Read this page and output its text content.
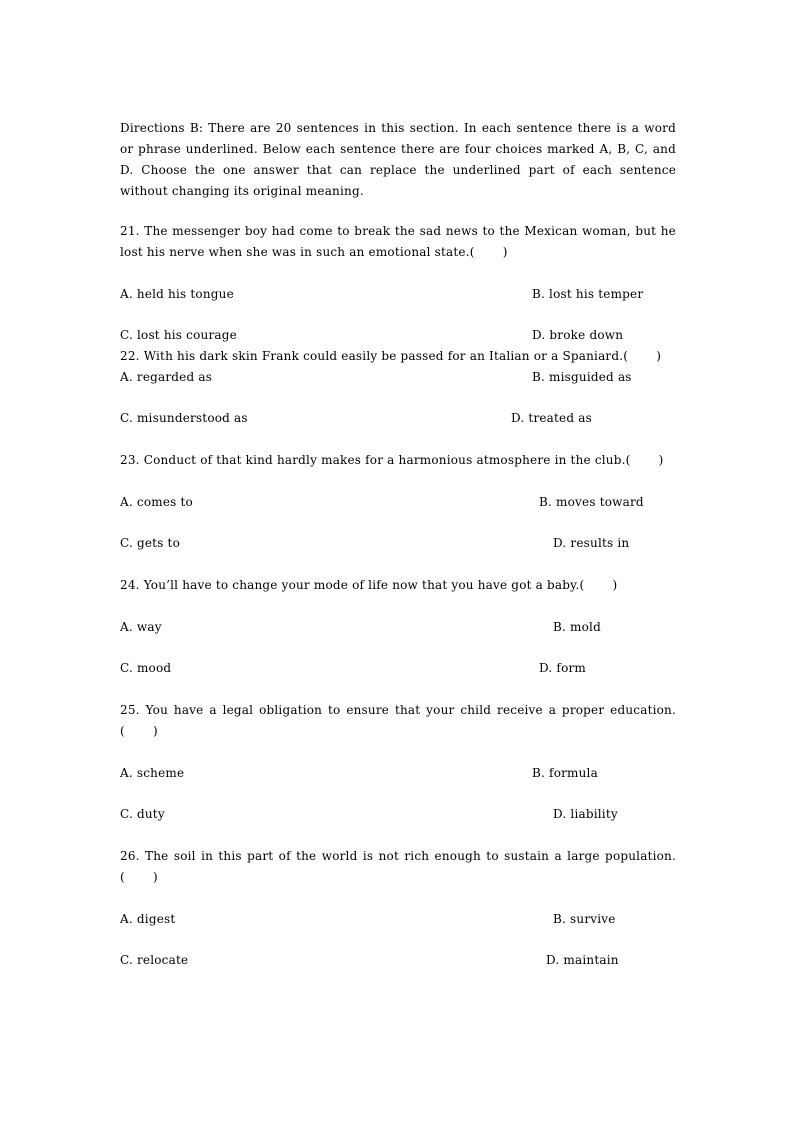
Directions B: There are 20 sentences in this section. In each sentence there is a word or phrase underlined. Below each sentence there are four choices marked A, B, C, and D. Choose the one answer that can replace the underlined part of each sentence without changing its original meaning.

21. The messenger boy had come to break the sad news to the Mexican woman, but he lost his nerve when she was in such an emotional state.(       )

A. held his tongue	B. lost his temper
C. lost his courage	D. broke down

22. With his dark skin Frank could easily be passed for an Italian or a Spaniard.(       )

A. regarded as	B. misguided as
C. misunderstood as	D. treated as

23. Conduct of that kind hardly makes for a harmonious atmosphere in the club.(       )

A. comes to	B. moves toward
C. gets to	D. results in

24. You’ll have to change your mode of life now that you have got a baby.(       )

A. way	B. mold
C. mood	D. form

25. You have a legal obligation to ensure that your child receive a proper education.(       )

A. scheme	B. formula
C. duty	D. liability

26. The soil in this part of the world is not rich enough to sustain a large population.(       )

A. digest	B. survive
C. relocate	D. maintain
